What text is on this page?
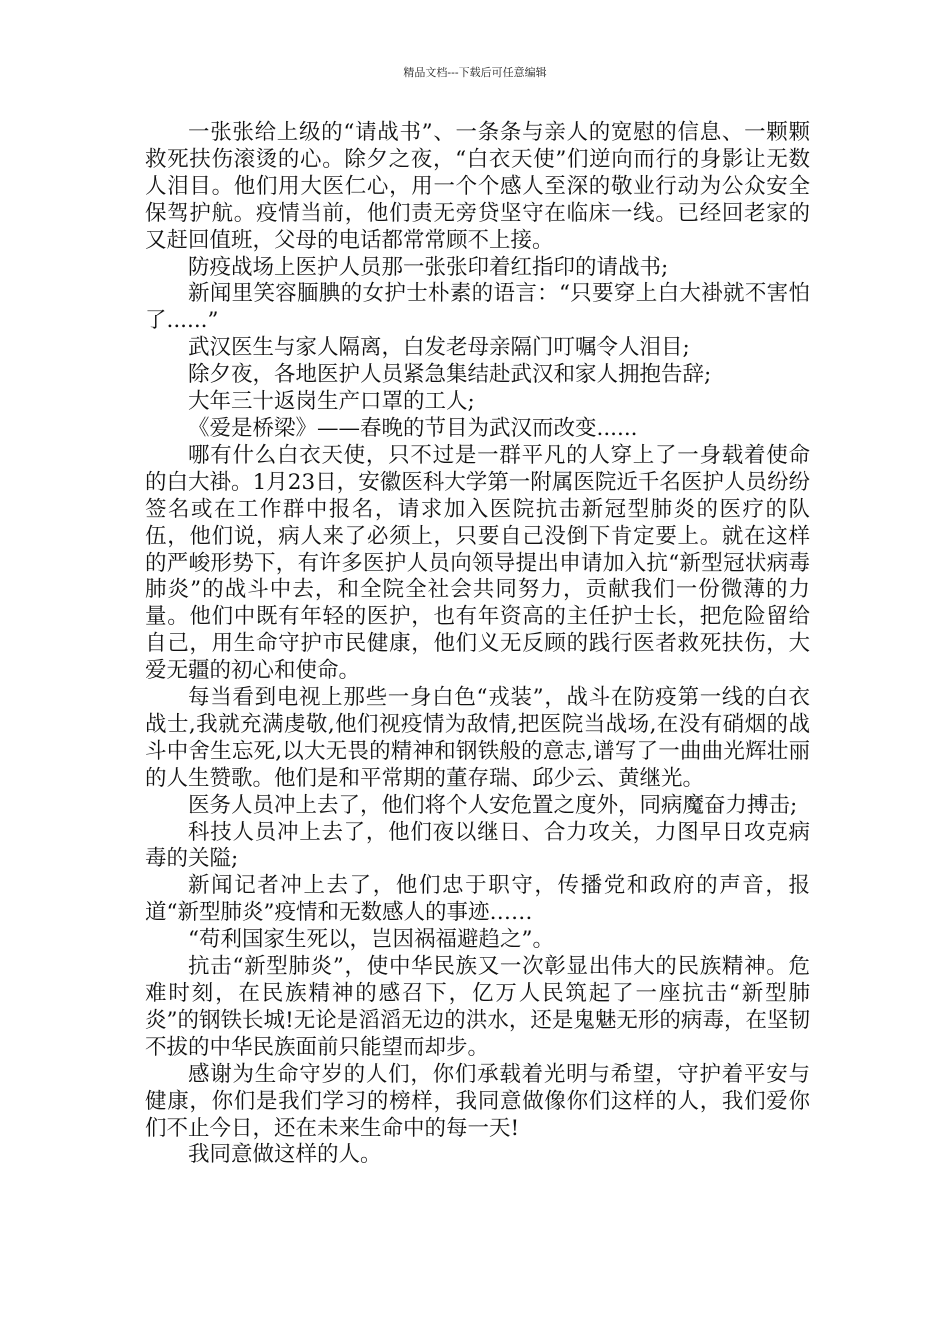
精品文档---下载后可任意编辑

一张张给上级的“请战书”、一条条与亲人的宽慰的信息、一颗颗救死扶伤滚烫的心。除夕之夜，“白衣天使”们逆向而行的身影让无数人泪目。他们用大医仁心，用一个个感人至深的敬业行动为公众安全保驾护航。疫情当前，他们责无旁贷坚守在临床一线。已经回老家的又赶回值班，父母的电话都常常顾不上接。

防疫战场上医护人员那一张张印着红指印的请战书;

新闻里笑容腼腆的女护士朴素的语言：“只要穿上白大褂就不害怕了......”

武汉医生与家人隔离，白发老母亲隔门叮嘱令人泪目;

除夕夜，各地医护人员紧急集结赴武汉和家人拥抱告辞;

大年三十返岗生产口罩的工人;

《爱是桥梁》——春晚的节目为武汉而改变......

哪有什么白衣天使，只不过是一群平凡的人穿上了一身载着使命的白大褂。1月23日，安徽医科大学第一附属医院近千名医护人员纷纷签名或在工作群中报名，请求加入医院抗击新冠型肺炎的医疗的队伍，他们说，病人来了必须上，只要自己没倒下肯定要上。就在这样的严峻形势下，有许多医护人员向领导提出申请加入抗“新型冠状病毒肺炎”的战斗中去，和全院全社会共同努力，贡献我们一份微薄的力量。他们中既有年轻的医护，也有年资高的主任护士长，把危险留给自己，用生命守护市民健康，他们义无反顾的践行医者救死扶伤，大爱无疆的初心和使命。

每当看到电视上那些一身白色“戎装”，战斗在防疫第一线的白衣战士,我就充满虔敬,他们视疫情为敌情,把医院当战场,在没有硝烟的战斗中舍生忘死,以大无畏的精神和钢铁般的意志,谱写了一曲曲光辉壮丽的人生赞歌。他们是和平常期的董存瑞、邱少云、黄继光。

医务人员冲上去了，他们将个人安危置之度外，同病魔奋力搏击;

科技人员冲上去了，他们夜以继日、合力攻关，力图早日攻克病毒的关隘;

新闻记者冲上去了，他们忠于职守，传播党和政府的声音，报道“新型肺炎”疫情和无数感人的事迹……

“苟利国家生死以，岂因祸福避趋之”。

抗击“新型肺炎”，使中华民族又一次彰显出伟大的民族精神。危难时刻，在民族精神的感召下，亿万人民筑起了一座抗击“新型肺炎”的钢铁长城!无论是滔滔无边的洪水，还是鬼魅无形的病毒，在坚韧不拔的中华民族面前只能望而却步。

感谢为生命守岁的人们，你们承载着光明与希望，守护着平安与健康，你们是我们学习的榜样，我同意做像你们这样的人，我们爱你们不止今日，还在未来生命中的每一天!

我同意做这样的人。
